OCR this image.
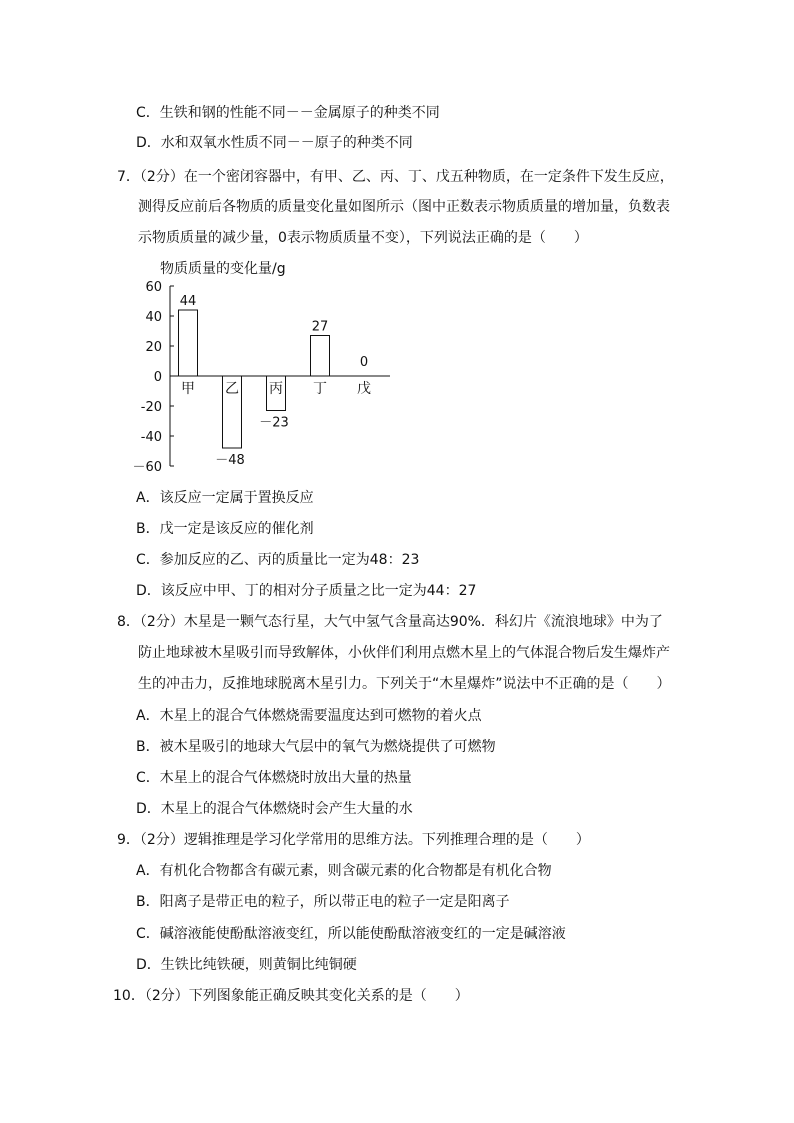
C．生铁和钢的性能不同－－金属原子的种类不同
D．水和双氧水性质不同－－原子的种类不同
7．（2分）在一个密闭容器中，有甲、乙、丙、丁、戊五种物质，在一定条件下发生反应，
测得反应前后各物质的质量变化量如图所示（图中正数表示物质质量的增加量，负数表
示物质质量的减少量，0表示物质质量不变），下列说法正确的是（　　）
物质质量的变化量/g
60
40
20
0
-20
-40
－60
甲 乙 丙 丁 戊
44
－48
－23
27
0
A．该反应一定属于置换反应
B．戊一定是该反应的催化剂
C．参加反应的乙、丙的质量比一定为48：23
D．该反应中甲、丁的相对分子质量之比一定为44：27
8．（2分）木星是一颗气态行星，大气中氢气含量高达90%．科幻片《流浪地球》中为了
防止地球被木星吸引而导致解体，小伙伴们利用点燃木星上的气体混合物后发生爆炸产
生的冲击力，反推地球脱离木星引力。下列关于“木星爆炸”说法中不正确的是（　　）
A．木星上的混合气体燃烧需要温度达到可燃物的着火点
B．被木星吸引的地球大气层中的氧气为燃烧提供了可燃物
C．木星上的混合气体燃烧时放出大量的热量
D．木星上的混合气体燃烧时会产生大量的水
9．（2分）逻辑推理是学习化学常用的思维方法。下列推理合理的是（　　）
A．有机化合物都含有碳元素，则含碳元素的化合物都是有机化合物
B．阳离子是带正电的粒子，所以带正电的粒子一定是阳离子
C．碱溶液能使酚酞溶液变红，所以能使酚酞溶液变红的一定是碱溶液
D．生铁比纯铁硬，则黄铜比纯铜硬
10．（2分）下列图象能正确反映其变化关系的是（　　）
